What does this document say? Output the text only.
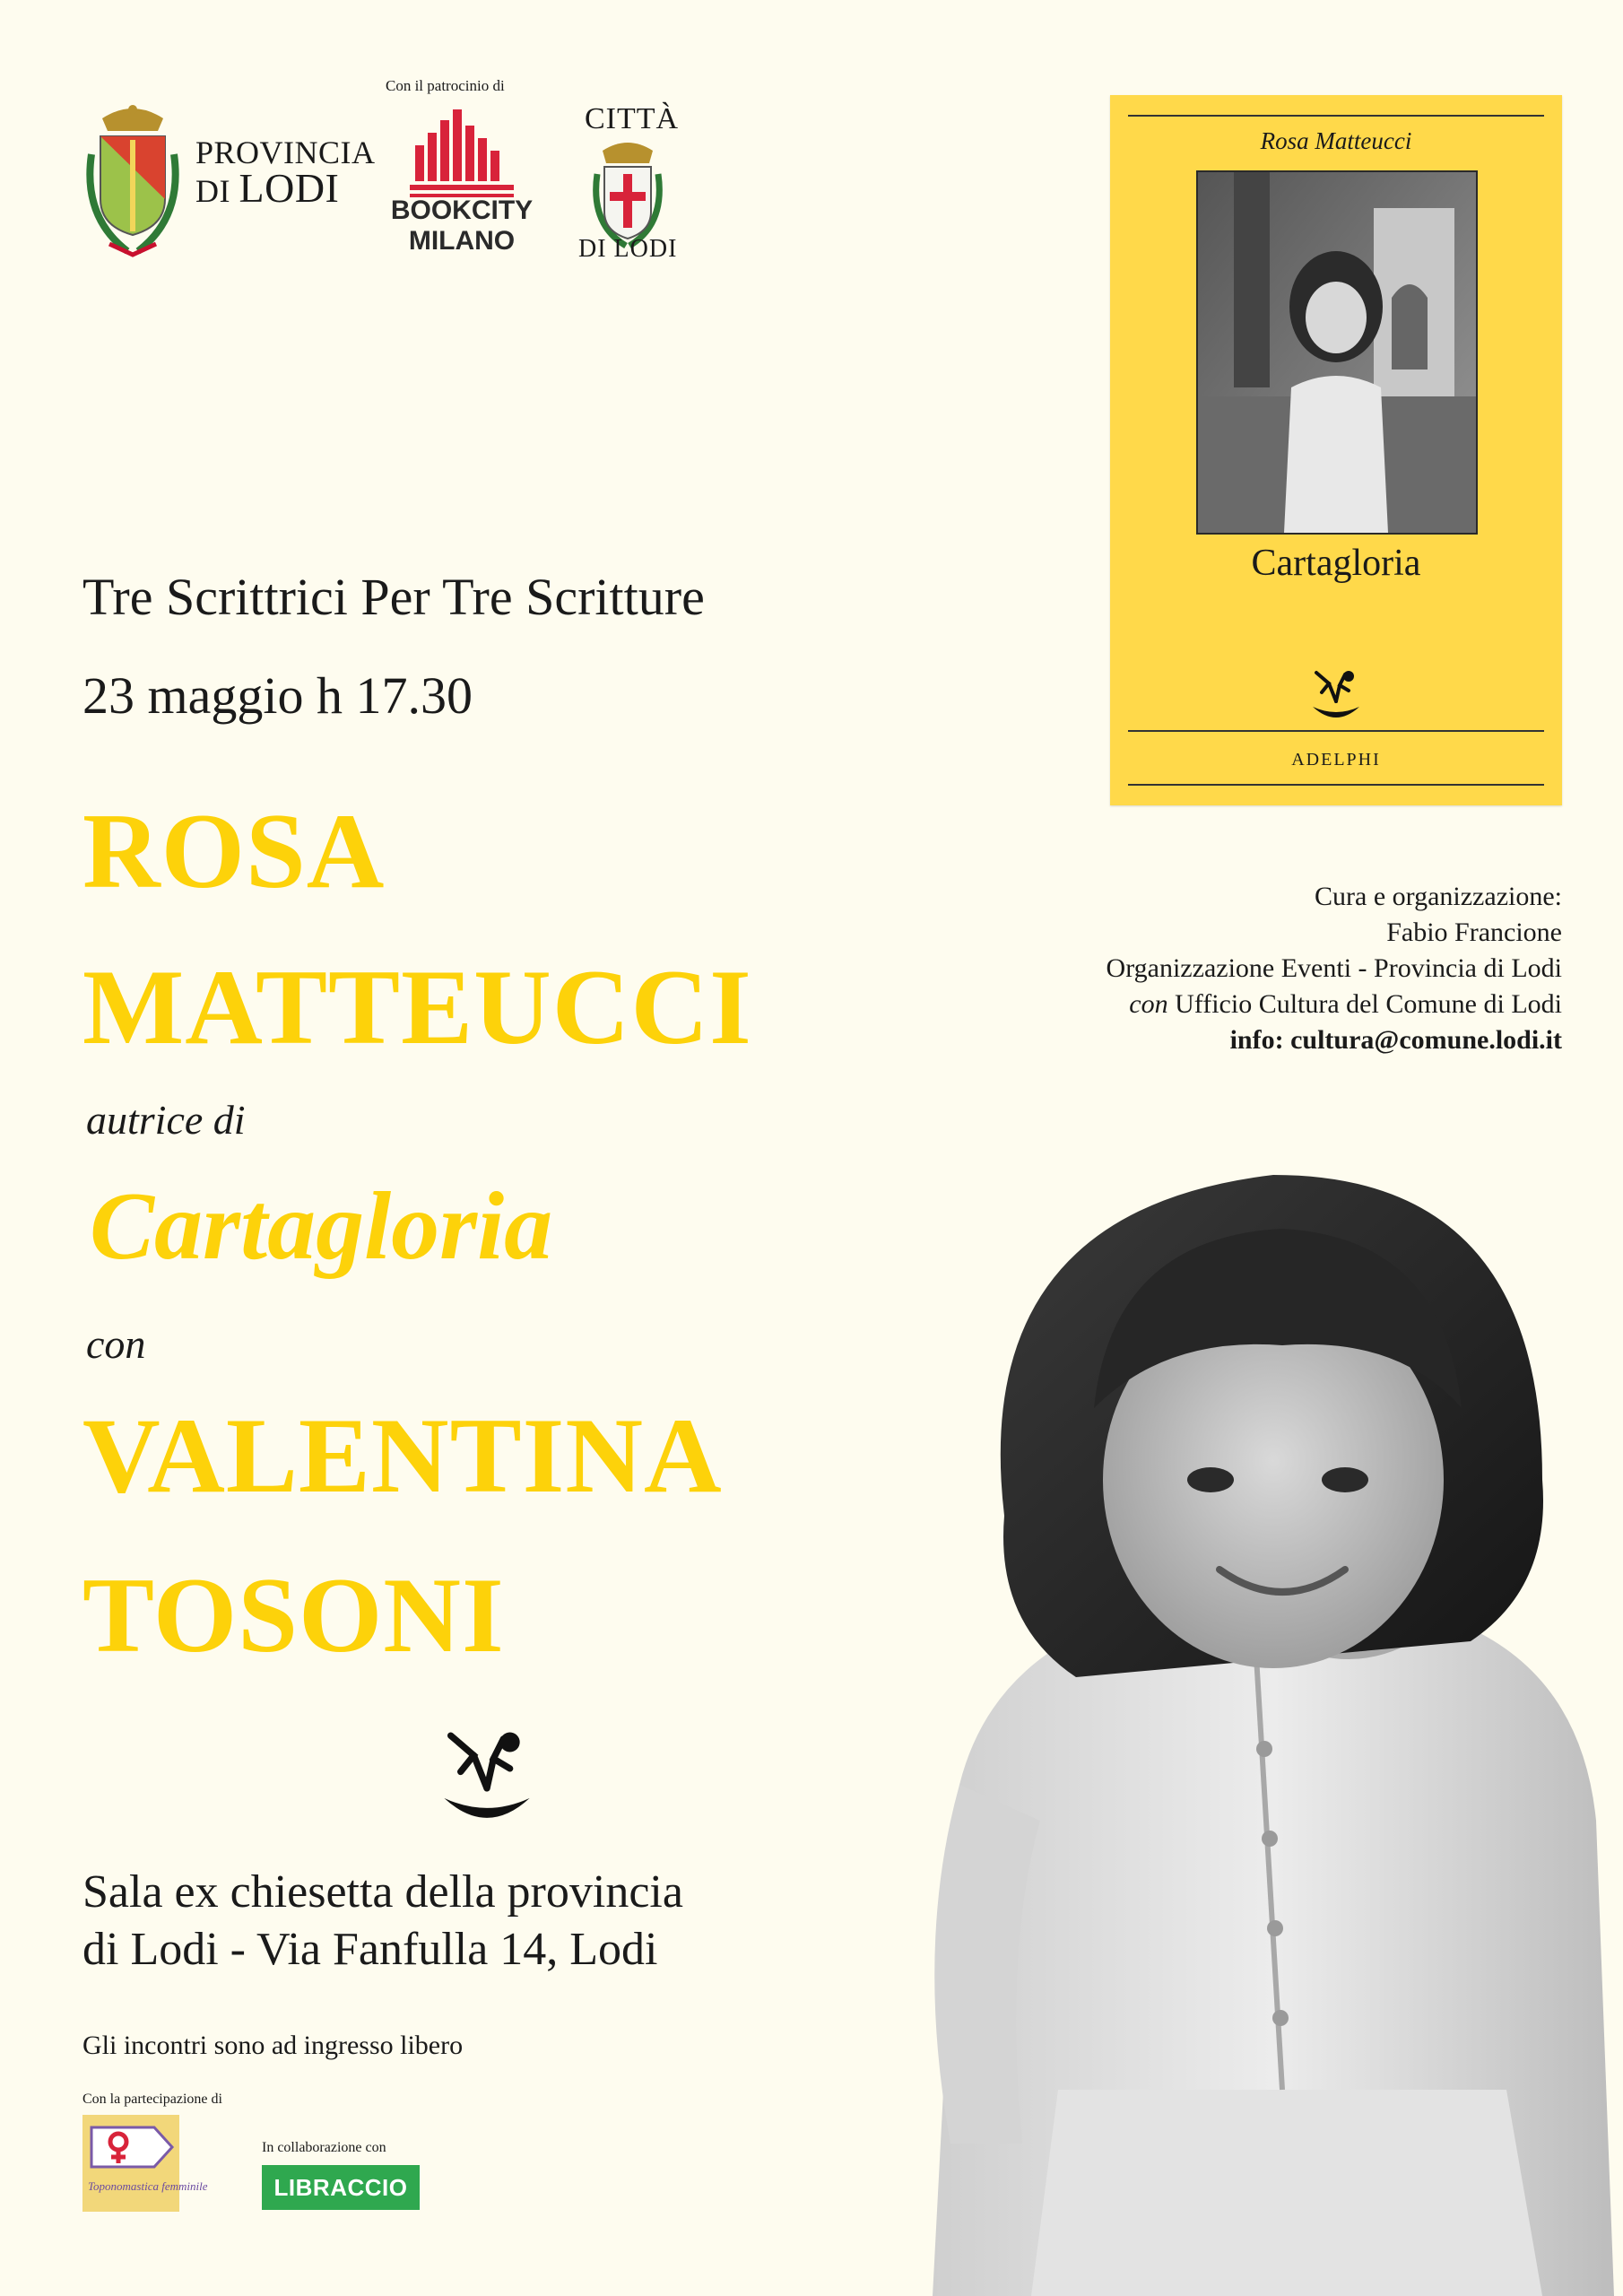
PROVINCIA
DI LODI
Con il patrocinio di
BOOKCITY
MILANO
CITTÀ
DI LODI
Rosa Matteucci
Cartagloria
ADELPHI
Tre Scrittrici Per Tre Scritture
23 maggio h 17.30
ROSA
MATTEUCCI
autrice di
Cartagloria
con
VALENTINA
TOSONI
Sala ex chiesetta della provincia
di Lodi - Via Fanfulla 14, Lodi
Gli incontri sono ad ingresso libero
Cura e organizzazione:
Fabio Francione
Organizzazione Eventi - Provincia di Lodi
con Ufficio Cultura del Comune di Lodi
info: cultura@comune.lodi.it
Con la partecipazione di
Toponomastica femminile
In collaborazione con
LIBRACCIO
